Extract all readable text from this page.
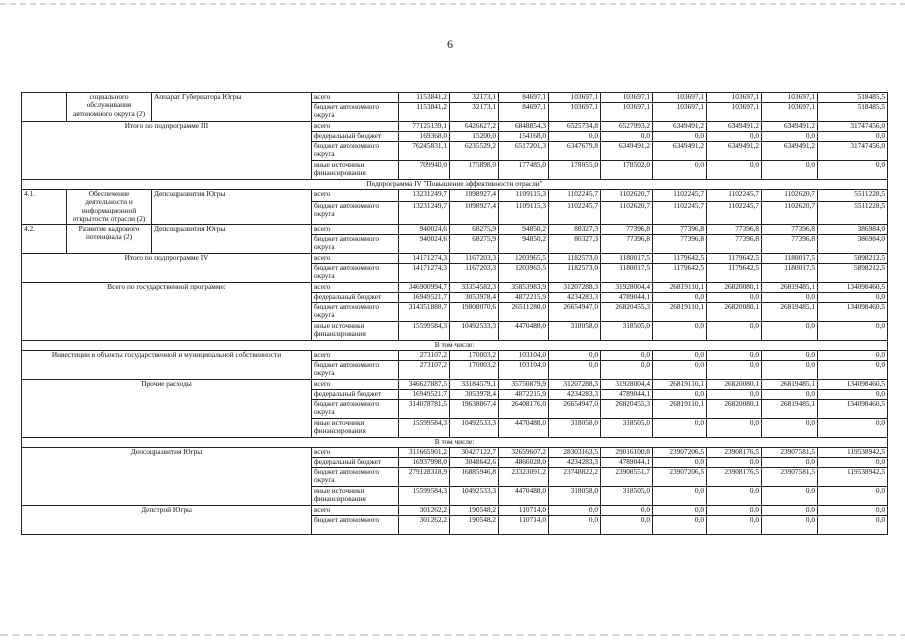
6
	социального обслуживания автономного округа (2)	Аппарат Губернатора Югры	всего	1153841,2	32173,1	84697,1	103697,1	103697,1	103697,1	103697,1	103697,1	518485,5
			бюджет автономного округа	1153841,2	32173,1	84697,1	103697,1	103697,1	103697,1	103697,1	103697,1	518485,5
Итого по подпрограмме III			всего	77125139,1	6426627,2	6848854,3	6525734,8	6527993,2	6349491,2	6349491,2	6349491,2	31747456,0
			федеральный бюджет	169368,0	15200,0	154168,0	0,0	0,0	0,0	0,0	0,0	0,0
			бюджет автономного округа	76245831,1	6235529,2	6517201,3	6347679,8	6349491,2	6349491,2	6349491,2	6349491,2	31747456,0
			иные источники финансирования	709940,0	175898,0	177485,0	178055,0	178502,0	0,0	0,0	0,0	0,0
Подпрограмма IV "Повышение эффективности отрасли"												
4.1.	Обеспечение деятельности и информационной открытости отрасли (2)	Депсоцразвития Югры	всего	13231249,7	1098927,4	1109115,3	1102245,7	1102620,7	1102245,7	1102245,7	1102620,7	5511228,5
			бюджет автономного округа	13231249,7	1098927,4	1109115,3	1102245,7	1102620,7	1102245,7	1102245,7	1102620,7	5511228,5
4.2.	Развитие кадрового потенциала (2)	Депсоцразвития Югры	всего	940024,6	68275,9	94850,2	80327,3	77396,8	77396,8	77396,8	77396,8	386984,0
			бюджет автономного округа	940024,6	68275,9	94850,2	80327,3	77396,8	77396,8	77396,8	77396,8	386984,0
Итого по подпрограмме IV			всего	14171274,3	1167203,3	1203965,5	1182573,0	1180017,5	1179642,5	1179642,5	1180017,5	5898212,5
			бюджет автономного округа	14171274,3	1167203,3	1203965,5	1182573,0	1180017,5	1179642,5	1179642,5	1180017,5	5898212,5
Всего по государственной программе:			всего	346900994,7	33354582,3	35853983,9	31207288,3	31928004,4	26819110,1	26820080,1	26819485,1	134098460,5
			федеральный бюджет	16949521,7	3053978,4	4872215,9	4234283,3	4789044,1	0,0	0,0	0,0	0,0
			бюджет автономного округа	314351888,7	19808070,6	26511280,0	26654947,0	26820455,3	26819110,1	26820080,1	26819485,1	134098460,5
			иные источники финансирования	15599584,3	10492533,3	4470488,0	318058,0	318505,0	0,0	0,0	0,0	0,0
В том числе:												
Инвестиции в объекты государственной и муниципальной собственности			всего	273107,2	170003,2	103104,0	0,0	0,0	0,0	0,0	0,0	0,0
			бюджет автономного округа	273107,2	170003,2	103104,0	0,0	0,0	0,0	0,0	0,0	0,0
Прочие расходы			всего	346627887,5	33184579,1	35750879,9	31207288,3	31928004,4	26819110,1	26820080,1	26819485,1	134098460,5
			федеральный бюджет	16949521,7	3053978,4	4872215,9	4234283,3	4789044,1	0,0	0,0	0,0	0,0
			бюджет автономного округа	314078781,5	19638067,4	26408176,0	26654947,0	26820455,3	26819110,1	26820080,1	26819485,1	134098460,5
			иные источники финансирования	15599584,3	10492533,3	4470488,0	318058,0	318505,0	0,0	0,0	0,0	0,0
В том числе:												
Депсоцразвития Югры			всего	311665901,2	30427122,7	32659607,2	28303163,5	29016100,8	23907206,5	23908176,5	23907581,5	119538942,5
			федеральный бюджет	16937998,0	3048642,6	4866028,0	4234283,3	4789044,1	0,0	0,0	0,0	0,0
			бюджет автономного округа	279128318,9	16885946,8	23323091,2	23748822,2	23908551,7	23907206,5	23908176,5	23907581,5	119538942,5
			иные источники финансирования	15599584,3	10492533,3	4470488,0	318058,0	318505,0	0,0	0,0	0,0	0,0
Депстрой Югры			всего	301262,2	190548,2	110714,0	0,0	0,0	0,0	0,0	0,0	0,0
			бюджет автономного	301262,2	190548,2	110714,0	0,0	0,0	0,0	0,0	0,0	0,0
